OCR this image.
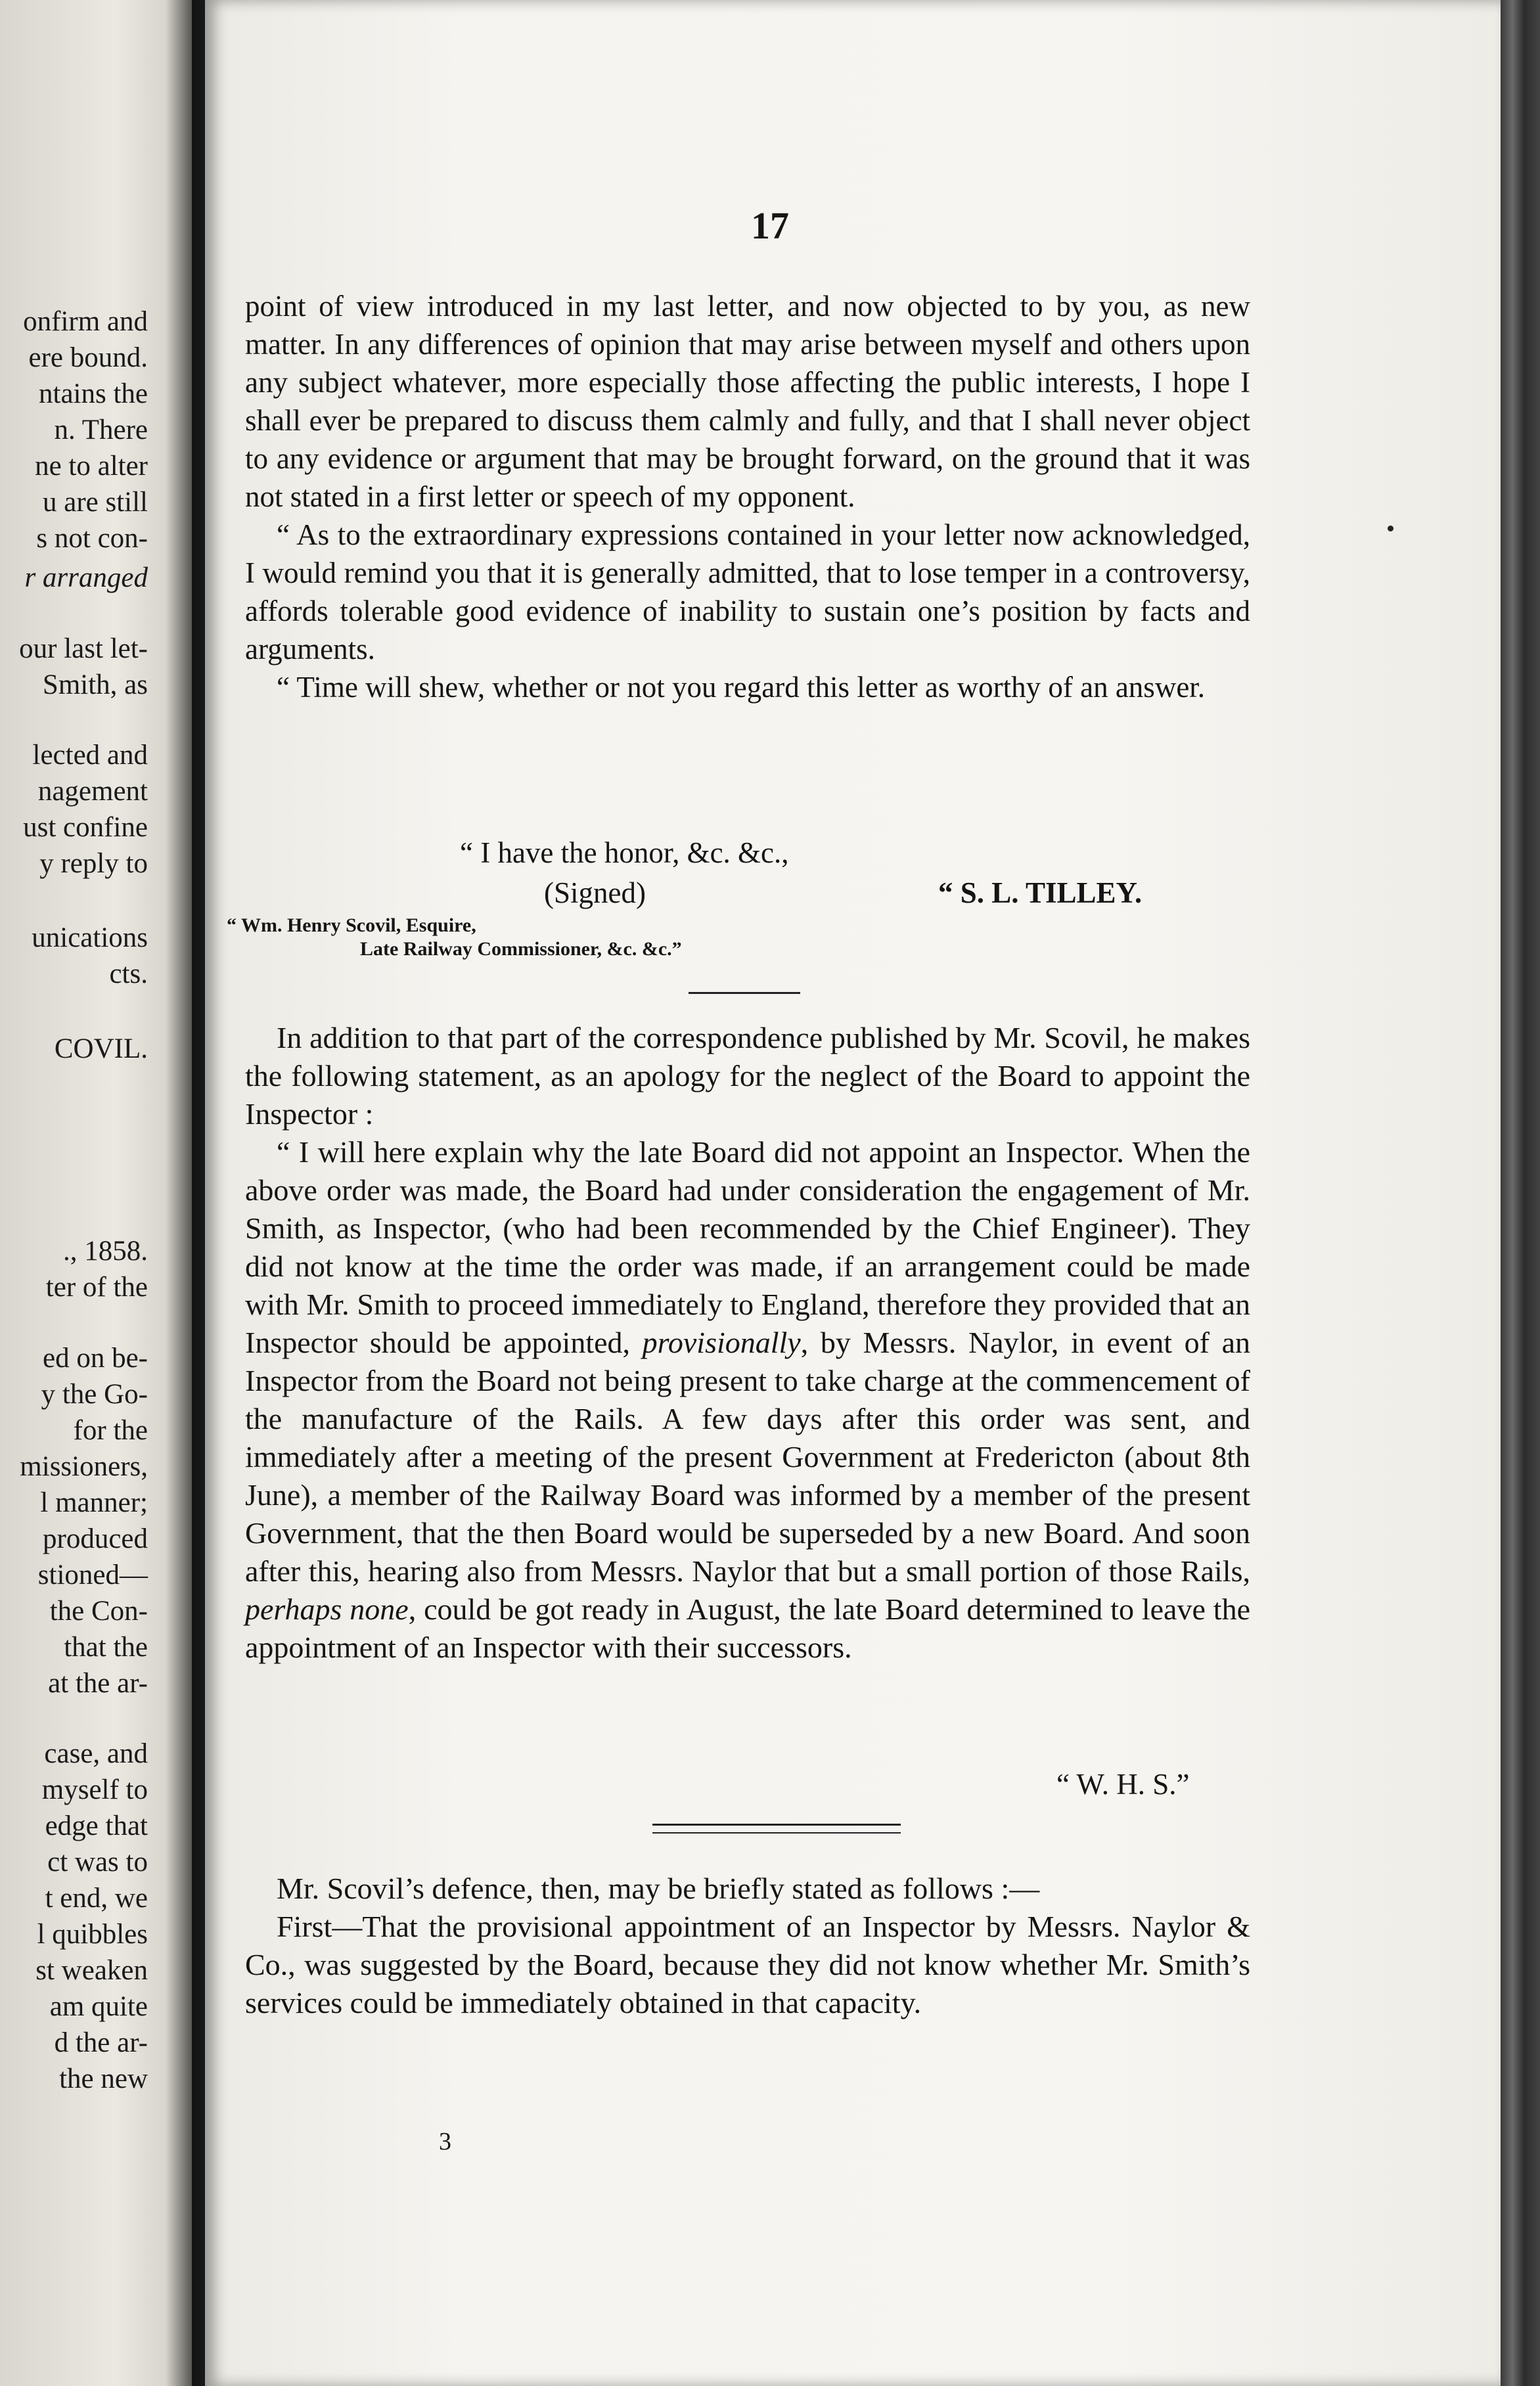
onfirm and
ere bound.
ntains the
n. There
ne to alter
u are still
s not con-
r arranged
our last let-
Smith, as
lected and
nagement
ust confine
y reply to
unications
cts.
COVIL.
., 1858.
ter of the
ed on be-
y the Go-
for the
missioners,
l manner;
produced
stioned—
the Con-
that the
at the ar-
case, and
myself to
edge that
ct was to
t end, we
l quibbles
st weaken
am quite
d the ar-
the new
17

point of view introduced in my last letter, and now objected to by you, as new matter. In any differences of opinion that may arise between myself and others upon any subject whatever, more especially those affecting the public interests, I hope I shall ever be prepared to discuss them calmly and fully, and that I shall never object to any evidence or argument that may be brought forward, on the ground that it was not stated in a first letter or speech of my opponent.

“ As to the extraordinary expressions contained in your letter now acknowledged, I would remind you that it is generally admitted, that to lose temper in a controversy, affords tolerable good evidence of inability to sustain one’s position by facts and arguments.

“ Time will shew, whether or not you regard this letter as worthy of an answer.

“ I have the honor, &c. &c.,
(Signed)	“ S. L. TILLEY.
“ Wm. Henry Scovil, Esquire,
Late Railway Commissioner, &c. &c.”

In addition to that part of the correspondence published by Mr. Scovil, he makes the following statement, as an apology for the neglect of the Board to appoint the Inspector :

“ I will here explain why the late Board did not appoint an Inspector. When the above order was made, the Board had under consideration the engagement of Mr. Smith, as Inspector, (who had been recommended by the Chief Engineer). They did not know at the time the order was made, if an arrangement could be made with Mr. Smith to proceed immediately to England, therefore they provided that an Inspector should be appointed, provisionally, by Messrs. Naylor, in event of an Inspector from the Board not being present to take charge at the commencement of the manufacture of the Rails. A few days after this order was sent, and immediately after a meeting of the present Government at Fredericton (about 8th June), a member of the Railway Board was informed by a member of the present Government, that the then Board would be superseded by a new Board. And soon after this, hearing also from Messrs. Naylor that but a small portion of those Rails, perhaps none, could be got ready in August, the late Board determined to leave the appointment of an Inspector with their successors.

“ W. H. S.”

Mr. Scovil’s defence, then, may be briefly stated as follows :—

First—That the provisional appointment of an Inspector by Messrs. Naylor & Co., was suggested by the Board, because they did not know whether Mr. Smith’s services could be immediately obtained in that capacity.

3
